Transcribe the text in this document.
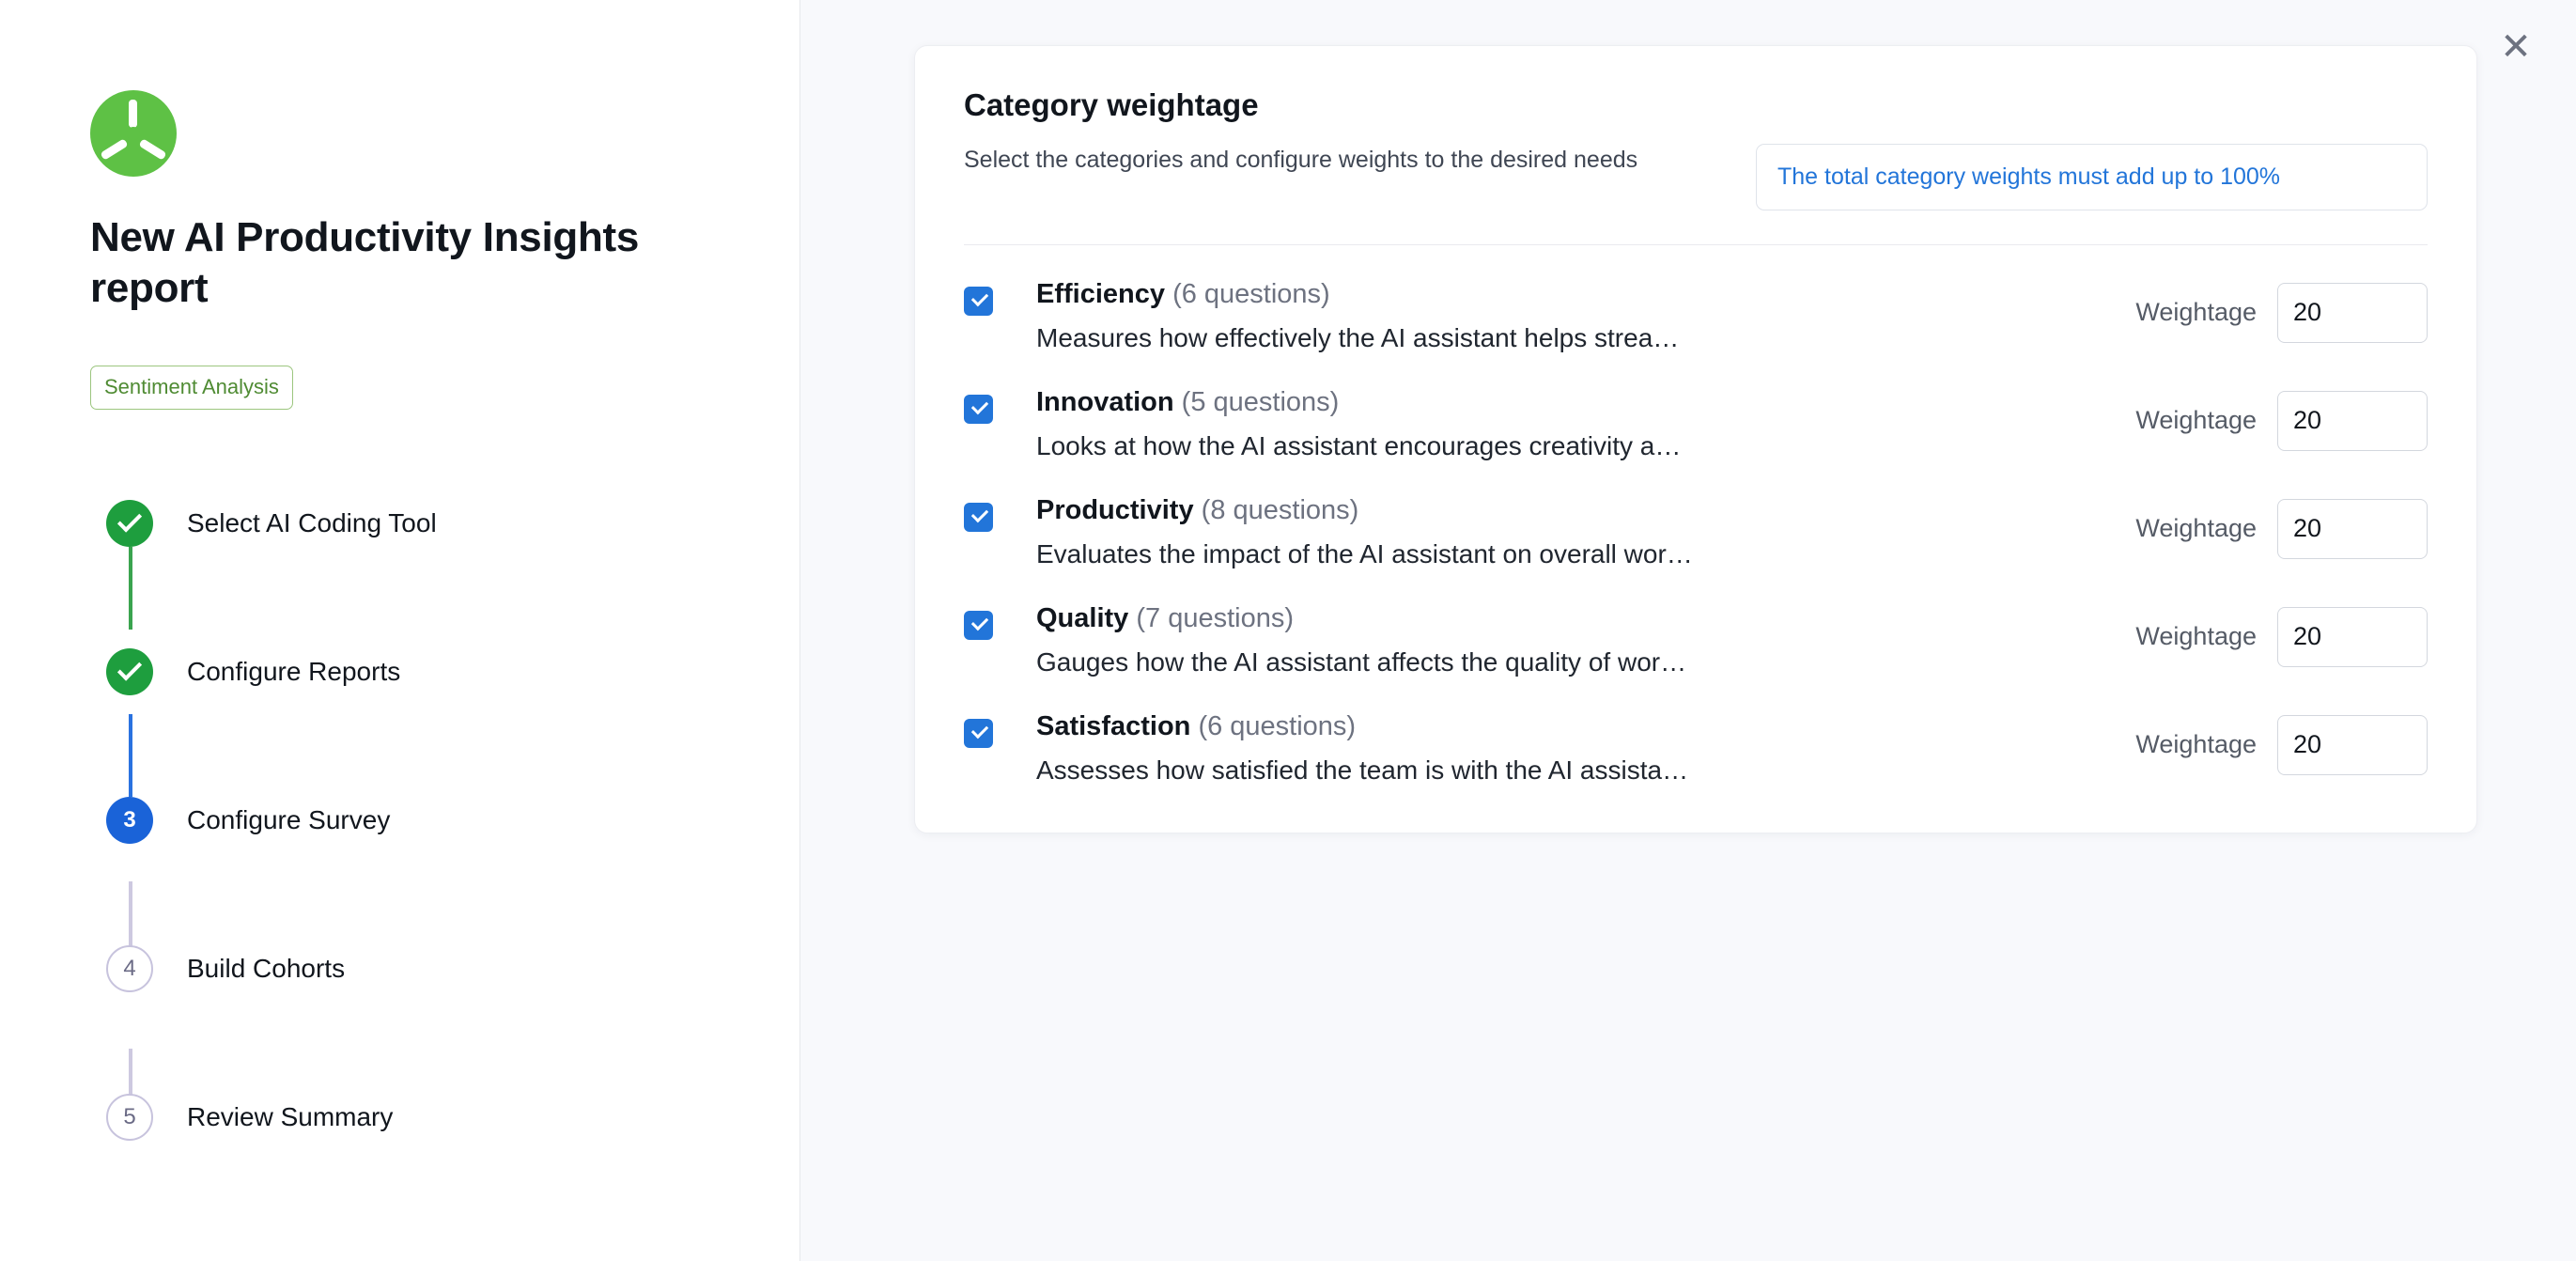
New AI Productivity Insights report
Sentiment Analysis
Select AI Coding Tool
Configure Reports
3	Configure Survey
4	Build Cohorts
5	Review Summary
✕
Category weightage

Select the categories and configure weights to the desired needs

The total category weights must add up to 100%
Efficiency (6 questions)
Measures how effectively the AI assistant helps strea…
Weightage
20
Innovation (5 questions)
Looks at how the AI assistant encourages creativity a…
Weightage
20
Productivity (8 questions)
Evaluates the impact of the AI assistant on overall wor…
Weightage
20
Quality (7 questions)
Gauges how the AI assistant affects the quality of wor…
Weightage
20
Satisfaction (6 questions)
Assesses how satisfied the team is with the AI assista…
Weightage
20
